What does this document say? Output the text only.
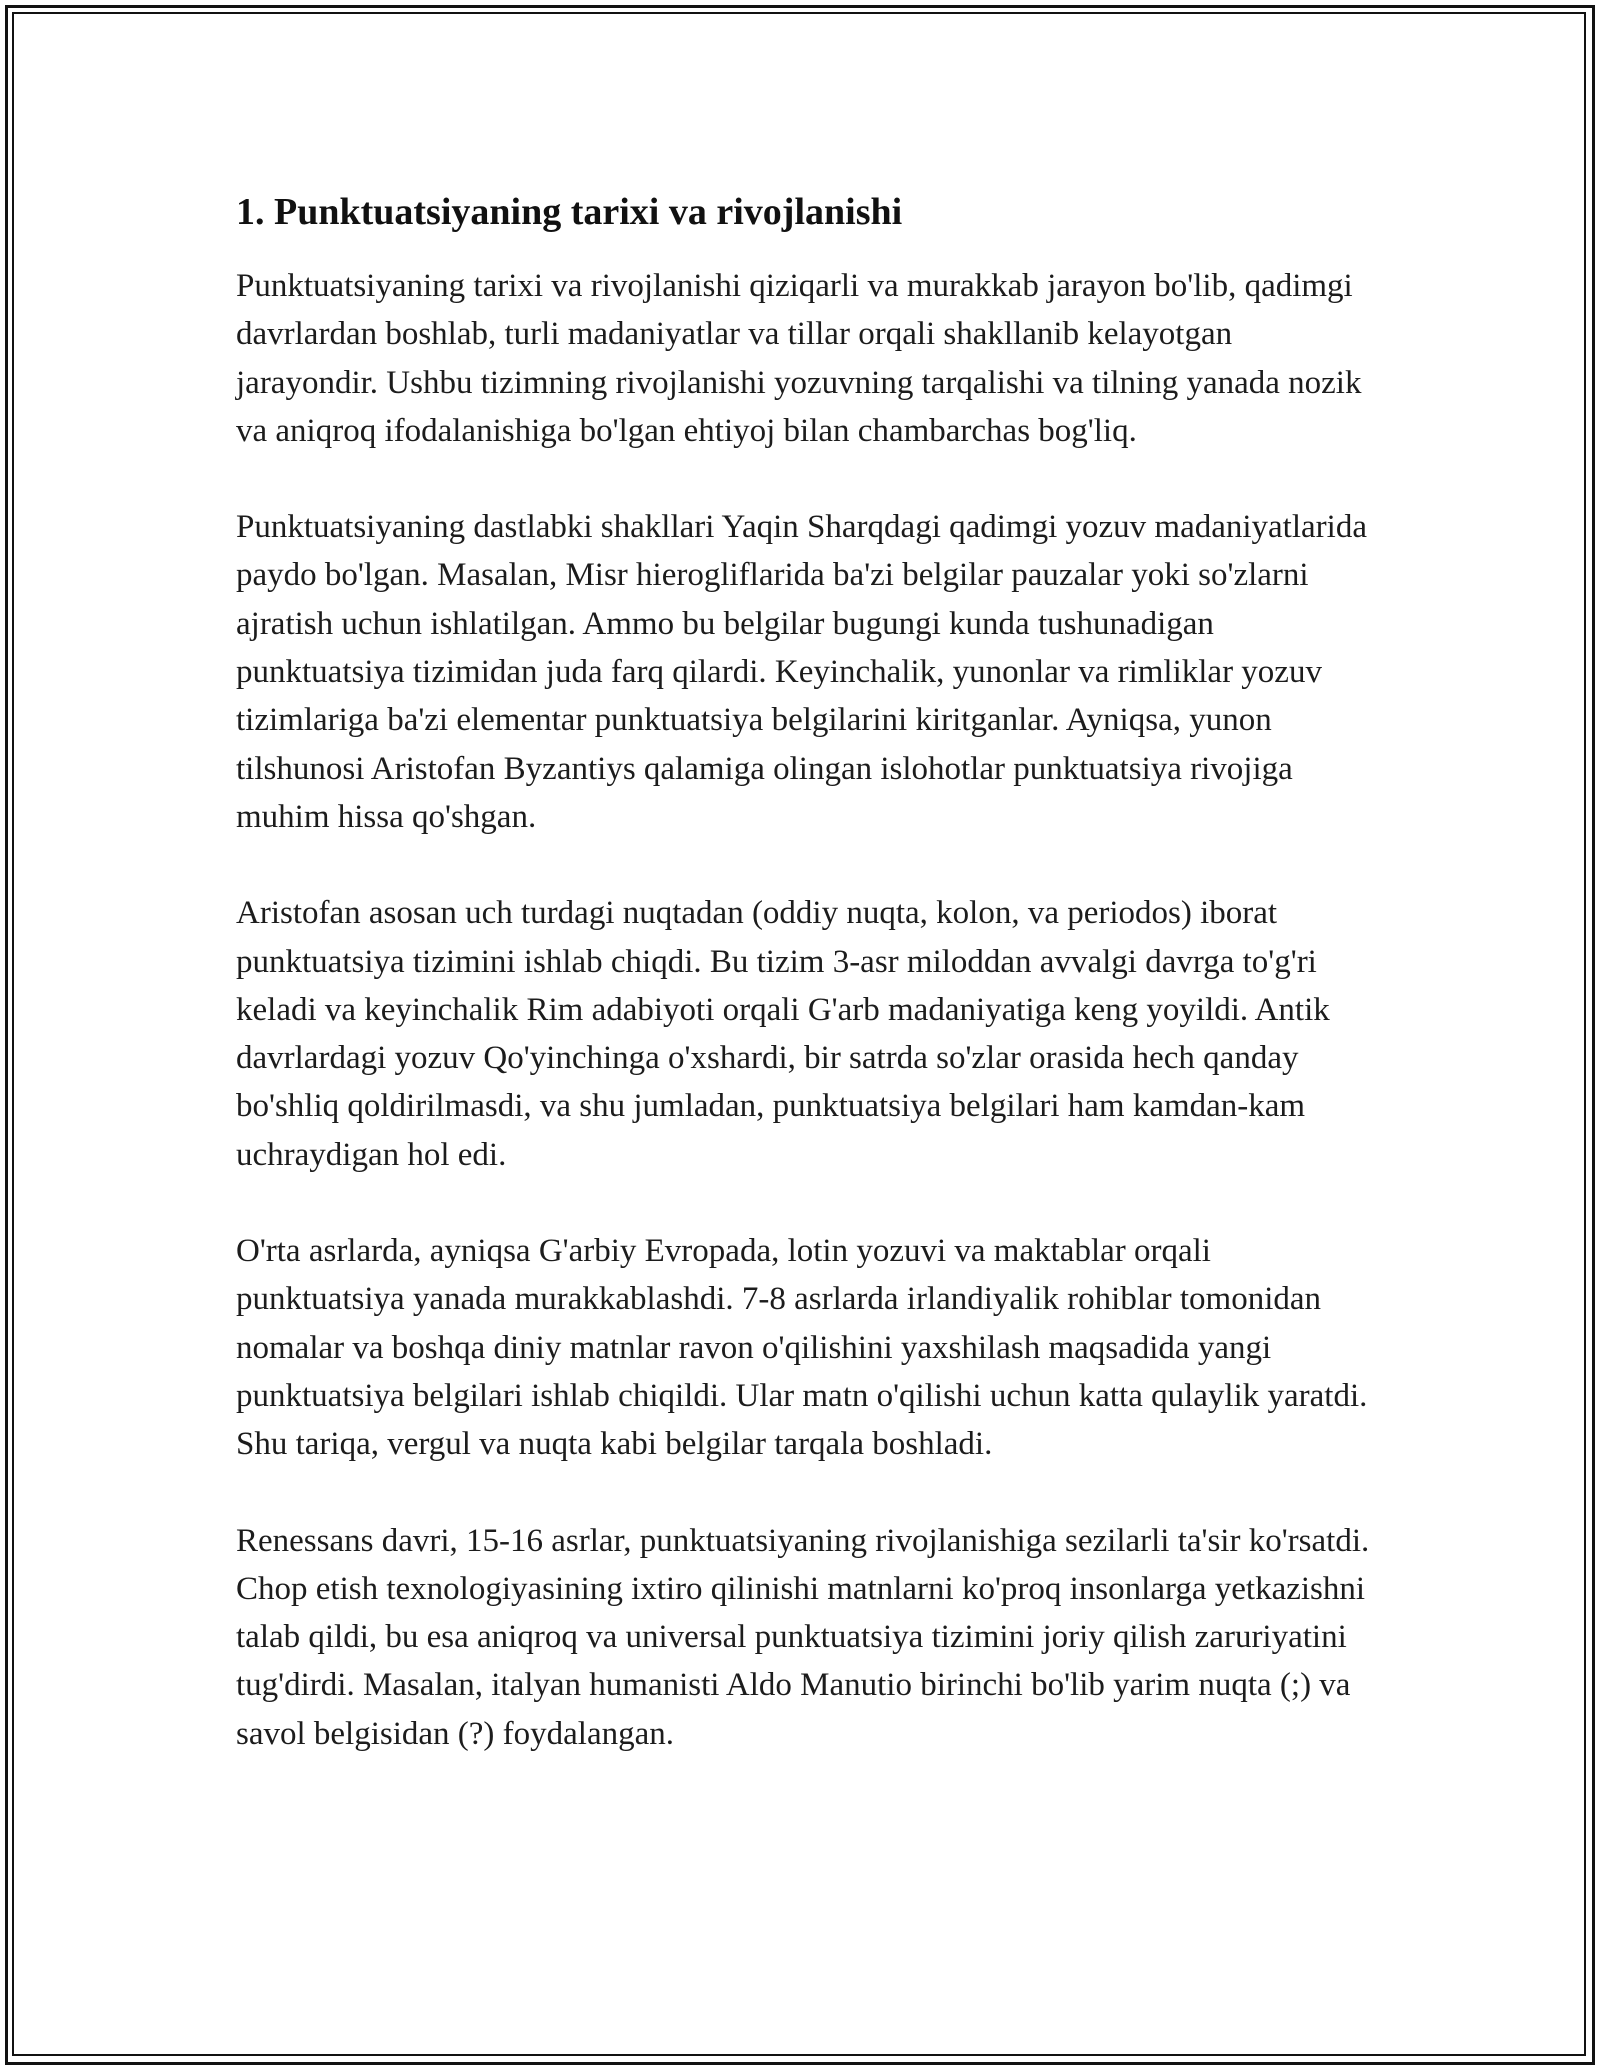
1. Punktuatsiyaning tarixi va rivojlanishi

Punktuatsiyaning tarixi va rivojlanishi qiziqarli va murakkab jarayon bo'lib, qadimgi davrlardan boshlab, turli madaniyatlar va tillar orqali shakllanib kelayotgan jarayondir. Ushbu tizimning rivojlanishi yozuvning tarqalishi va tilning yanada nozik va aniqroq ifodalanishiga bo'lgan ehtiyoj bilan chambarchas bog'liq.

Punktuatsiyaning dastlabki shakllari Yaqin Sharqdagi qadimgi yozuv madaniyatlarida paydo bo'lgan. Masalan, Misr hierogliflarida ba'zi belgilar pauzalar yoki so'zlarni ajratish uchun ishlatilgan. Ammo bu belgilar bugungi kunda tushunadigan punktuatsiya tizimidan juda farq qilardi. Keyinchalik, yunonlar va rimliklar yozuv tizimlariga ba'zi elementar punktuatsiya belgilarini kiritganlar. Ayniqsa, yunon tilshunosi Aristofan Byzantiys qalamiga olingan islohotlar punktuatsiya rivojiga muhim hissa qo'shgan.

Aristofan asosan uch turdagi nuqtadan (oddiy nuqta, kolon, va periodos) iborat punktuatsiya tizimini ishlab chiqdi. Bu tizim 3-asr miloddan avvalgi davrga to'g'ri keladi va keyinchalik Rim adabiyoti orqali G'arb madaniyatiga keng yoyildi. Antik davrlardagi yozuv Qo'yinchinga o'xshardi, bir satrda so'zlar orasida hech qanday bo'shliq qoldirilmasdi, va shu jumladan, punktuatsiya belgilari ham kamdan-kam uchraydigan hol edi.

O'rta asrlarda, ayniqsa G'arbiy Evropada, lotin yozuvi va maktablar orqali punktuatsiya yanada murakkablashdi. 7-8 asrlarda irlandiyalik rohiblar tomonidan nomalar va boshqa diniy matnlar ravon o'qilishini yaxshilash maqsadida yangi punktuatsiya belgilari ishlab chiqildi. Ular matn o'qilishi uchun katta qulaylik yaratdi. Shu tariqa, vergul va nuqta kabi belgilar tarqala boshladi.

Renessans davri, 15-16 asrlar, punktuatsiyaning rivojlanishiga sezilarli ta'sir ko'rsatdi. Chop etish texnologiyasining ixtiro qilinishi matnlarni ko'proq insonlarga yetkazishni talab qildi, bu esa aniqroq va universal punktuatsiya tizimini joriy qilish zaruriyatini tug'dirdi. Masalan, italyan humanisti Aldo Manutio birinchi bo'lib yarim nuqta (;) va savol belgisidan (?) foydalangan.
